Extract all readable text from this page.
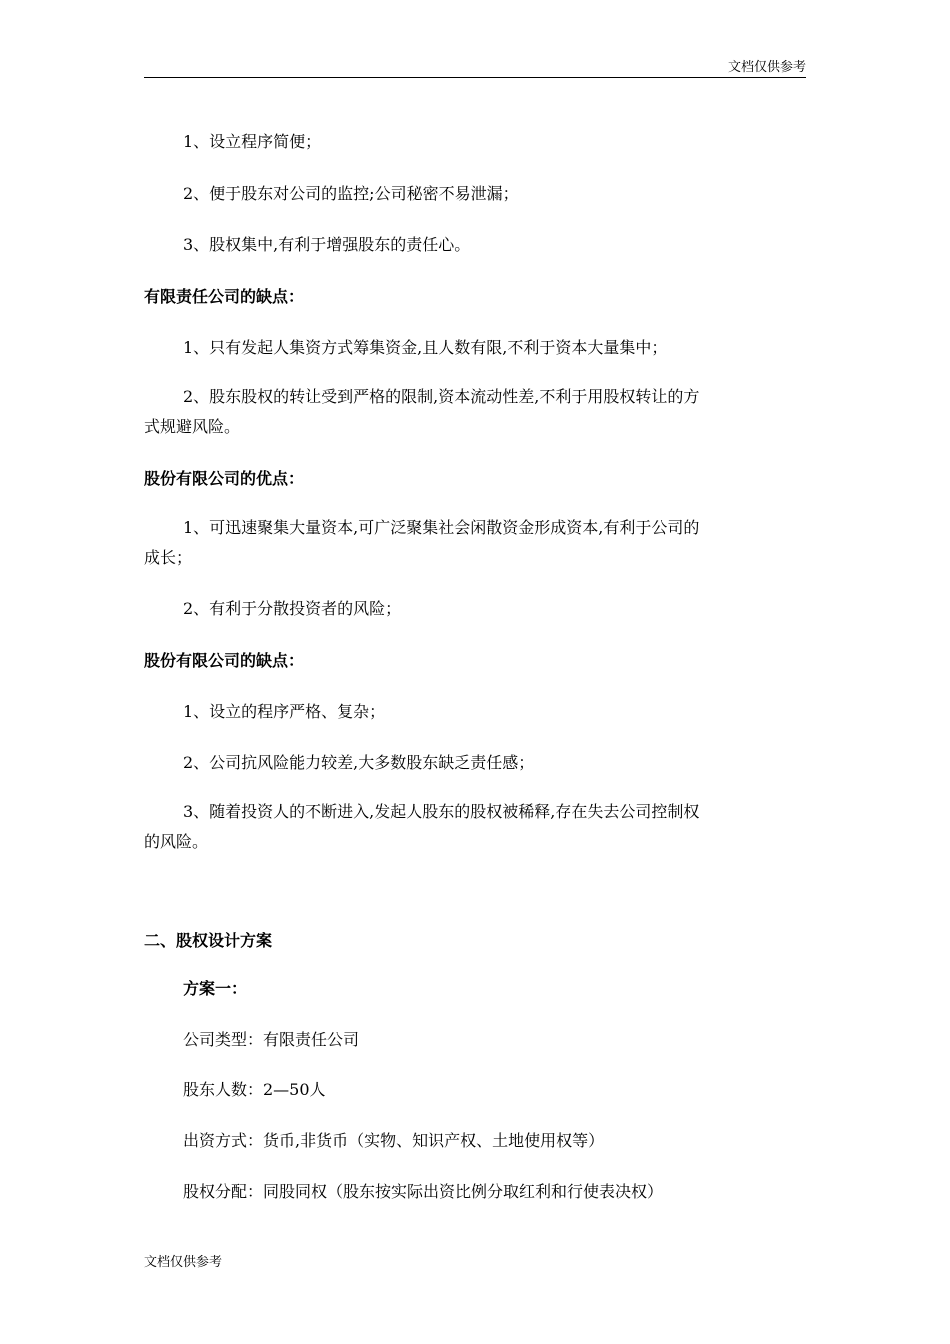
文档仅供参考
1、设立程序简便；
2、便于股东对公司的监控;公司秘密不易泄漏；
3、股权集中,有利于增强股东的责任心。
有限责任公司的缺点：
1、只有发起人集资方式筹集资金,且人数有限,不利于资本大量集中；
2、股东股权的转让受到严格的限制,资本流动性差,不利于用股权转让的方
式规避风险。
股份有限公司的优点：
1、可迅速聚集大量资本,可广泛聚集社会闲散资金形成资本,有利于公司的
成长；
2、有利于分散投资者的风险；
股份有限公司的缺点：
1、设立的程序严格、复杂；
2、公司抗风险能力较差,大多数股东缺乏责任感；
3、随着投资人的不断进入,发起人股东的股权被稀释,存在失去公司控制权
的风险。
二、股权设计方案
方案一：
公司类型：有限责任公司
股东人数：2—50人
出资方式：货币,非货币（实物、知识产权、土地使用权等）
股权分配：同股同权（股东按实际出资比例分取红利和行使表决权）
文档仅供参考
